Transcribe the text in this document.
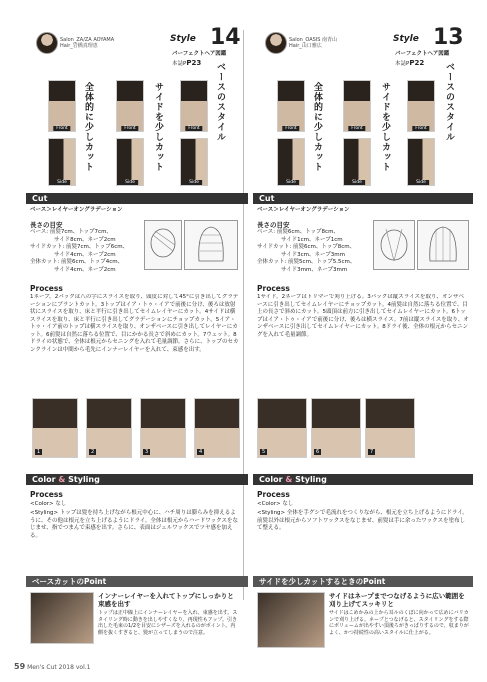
Salon_ZA/ZA AOYAMA
Hair_岩橋真理恵
Style 14
パーフェクトヘア図鑑
本誌PP23
Front	Front	Front
Side	Side	Side
全体的に少しカット	サイドを少しカット	ベースのスタイル
Cut
ベース＞レイヤーオングラデーション
長さの目安
ベース: 前髪7cm、トップ7cm、
サイド8cm、ネープ2cm
サイドカット: 前髪7cm、トップ6cm、
サイド4cm、ネープ2cm
全体カット: 前髪6cm、トップ4cm、
サイド4cm、ネープ2cm
Process
1ネープ。2バックは八の字にスライスを取り、頭皮に対して45°に引き出してグラデーションにブラントカット。3トップはイア・トゥ・イアで前後に分け、後ろは放射状にスライスを取り、床と平行に引き出してセイムレイヤーにカット。4サイドは横スライスを取り、床と平行に引き出してグラデーションにチョップカット。5イア・トゥ・イア前のトップは横スライスを取り、オンザベースに引き出してレイヤーにカット。6前髪は自然に落ちる位置で、目にかかる長さで斜めにカット。7ウェット。8ドライの状態で、全体は根元からセニングを入れて毛量調節。さらに、トップのセカンクラインは中間から毛先にインナーレイヤーを入れて、束感を出す。
1	2	3	4
Color & Styling
Process
<Color> なし
<Styling> トップは髪を持ち上げながら根元中心に、ハチ周りは膨らみを抑えるように、その他は根元を立ち上げるようにドライ。全体は根元からハードワックスをなじませ、指でつまんで束感を出す。さらに、表面はジェルワックスでツヤ感を加える。
ベースカットのPoint
インナーレイヤーを入れてトップにしっかりと束感を出す
トップは正中線上にインナーレイヤーを入れ、束感を出す。スタイリング時に動きを出しやすくなり、再現性もアップ。引き出した毛束の1/2を目安にシザーズを入れるのがポイント。内側を抜くすぎると、髪が立ってしまうので注意。
Salon_OASIS 南青山
Hair_山口雅広
Style 13
パーフェクトヘア図鑑
本誌PP22
Front	Front	Front
Side	Side	Side
全体的に少しカット	サイドを少しカット	ベースのスタイル
Cut
ベース＞レイヤーオングラデーション
長さの目安
ベース: 前髪6cm、トップ8cm、
サイド1cm、ネープ1cm
サイドカット: 前髪6cm、トップ8cm、
サイド3cm、ネープ3mm
全体カット: 前髪5cm、トップ5.5cm、
サイド3mm、ネープ3mm
Process
1サイド。2ネープはトリマーで刈り上げる。3バックは縦スライスを取り、オンザベースに引き出してセイムレイヤーにチョップカット。4前髪は自然に落ちる位置で、目上の長さで斜めにカット。5頭頂は前方に引き出してセイムレイヤーにカット。6トップはイア・トゥ・イアで前後に分け、後ろは横スライス。7前は縦スライスを取り、オンザベースに引き出してセイムレイヤーにカット。8ドライ後、全体の根元からセニングを入れて毛量調節。
5	6	7
Color & Styling
Process
<Color> なし
<Styling> 全体を手グシで毛流れをつくりながら、根元を立ち上げるようにドライ。前髪以外は根元からソフトワックスをなじませ、前髪は手に余ったワックスを塗布して整える。
サイドを少しカットするときのPoint
サイドはネープまでつなげるように広い範囲を刈り上げてスッキリと
サイドはこめかみの上から耳ルのくぼに向かって広めにバリカンで刈り上げる。ネープとつなげると、スタイリングをする際にボリュームが出やすい頂後ろがきっぱりするので、収まりがよく、かつ持続性の高いスタイルに仕上がる。
59 Men's Cut 2018 vol.1
